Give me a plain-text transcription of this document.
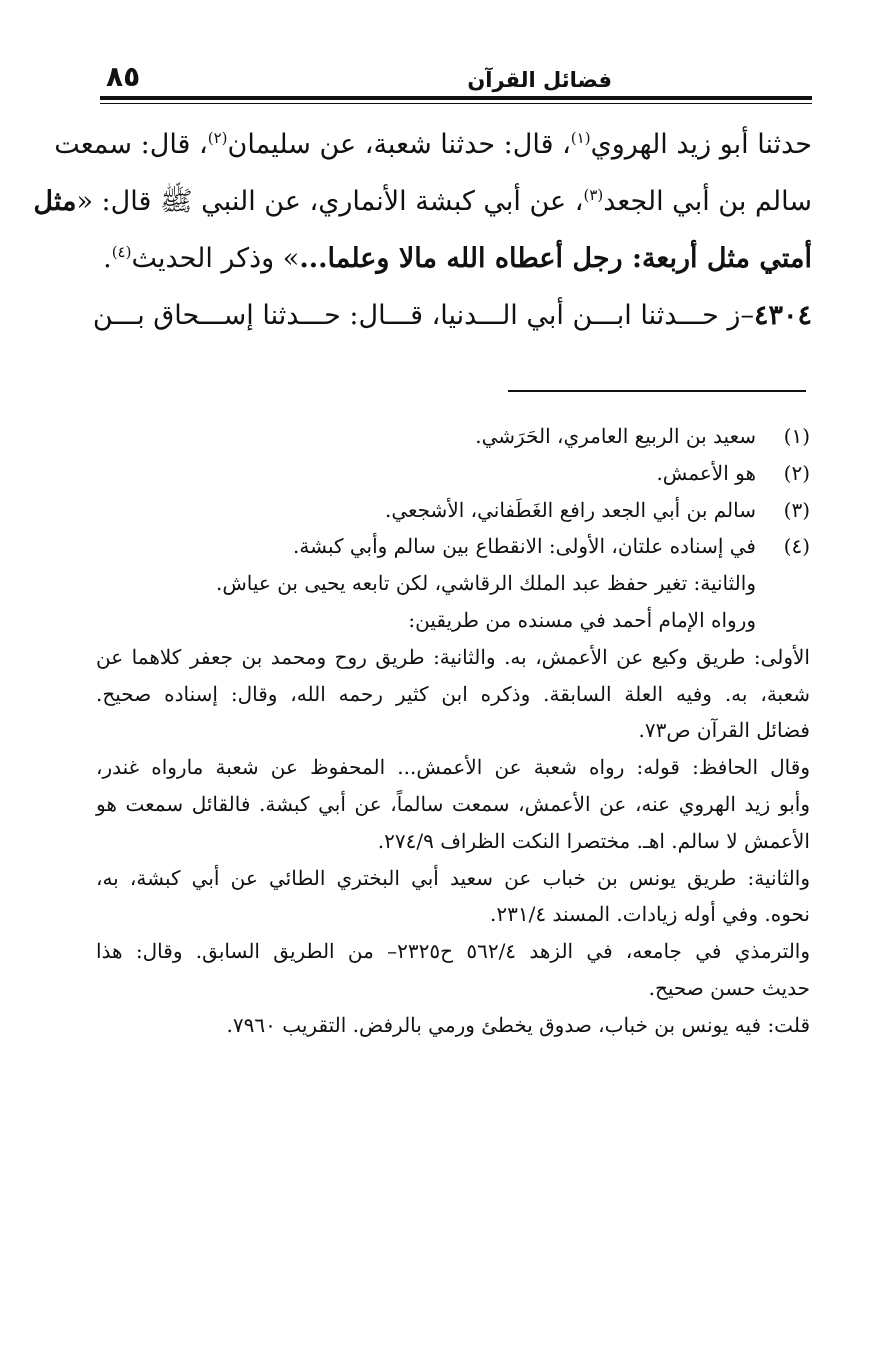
٨٥	فضائل القرآن
حدثنا أبو زيد الهروي$^{(١)}$، قال: حدثنا شعبة، عن سليمان$^{(٢)}$، قال: سمعت
سالم بن أبي الجعد$^{(٣)}$، عن أبي كبشة الأنماري، عن النبي ﷺ قال: «مثل
أمتي مثل أربعة: رجل أعطاه الله مالا وعلما...» وذكر الحديث$^{(٤)}$.
٤٣٠٤–ز حـــدثنا ابـــن أبي الـــدنيا، قـــال: حـــدثنا إســـحاق بـــن
(١)سعيد بن الربيع العامري، الحَرَشي.
(٢)هو الأعمش.
(٣)سالم بن أبي الجعد رافع الغَطَفاني، الأشجعي.
(٤)في إسناده علتان، الأولى: الانقطاع بين سالم وأبي كبشة.
والثانية: تغير حفظ عبد الملك الرقاشي، لكن تابعه يحيى بن عياش.
ورواه الإمام أحمد في مسنده من طريقين:
الأولى: طريق وكيع عن الأعمش، به. والثانية: طريق روح ومحمد بن جعفر كلاهما عن
شعبة، به. وفيه العلة السابقة. وذكره ابن كثير رحمه الله، وقال: إسناده صحيح.
فضائل القرآن ص٧٣.
وقال الحافظ: قوله: رواه شعبة عن الأعمش... المحفوظ عن شعبة مارواه غندر،
وأبو زيد الهروي عنه، عن الأعمش، سمعت سالماً، عن أبي كبشة. فالقائل سمعت هو
الأعمش لا سالم. اهـ. مختصرا النكت الظراف ٢٧٤/٩.
والثانية: طريق يونس بن خباب عن سعيد أبي البختري الطائي عن أبي كبشة، به،
نحوه. وفي أوله زيادات. المسند ٢٣١/٤.
والترمذي في جامعه، في الزهد ٥٦٢/٤ ح٢٣٢٥– من الطريق السابق. وقال: هذا
حديث حسن صحيح.
قلت: فيه يونس بن خباب، صدوق يخطئ ورمي بالرفض. التقريب ٧٩٦٠.
